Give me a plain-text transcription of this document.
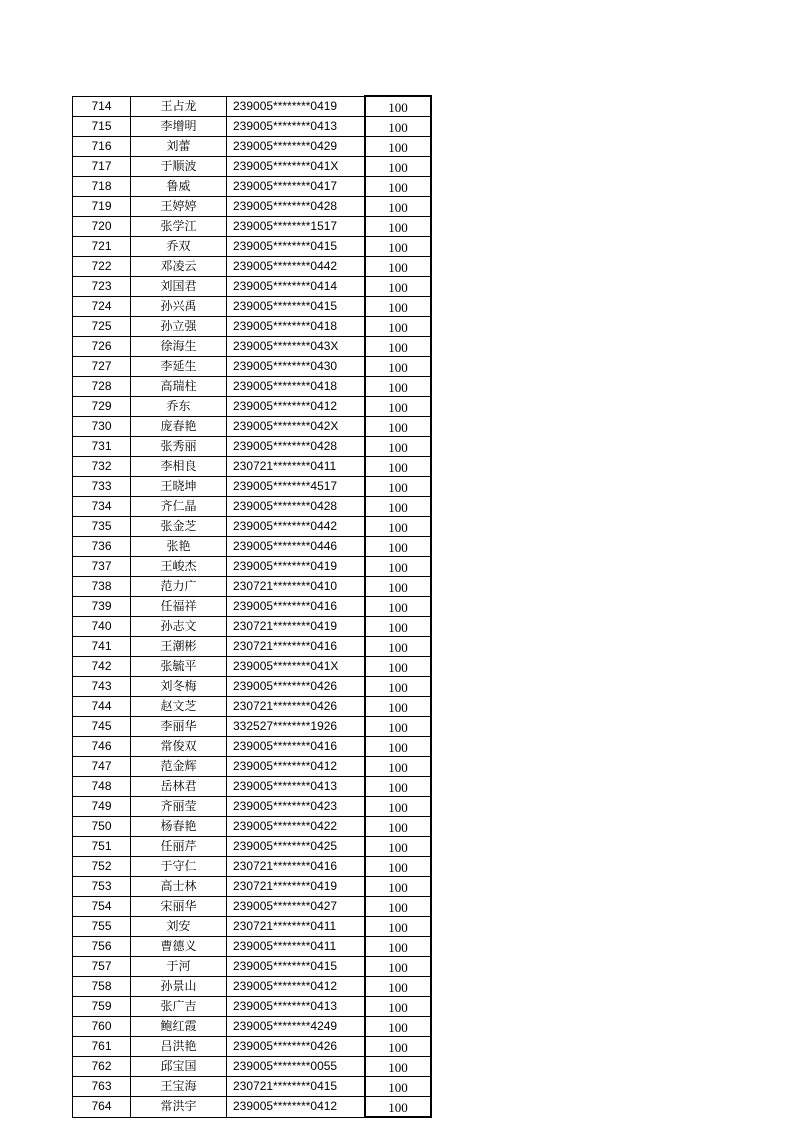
714	王占龙	239005********0419	100
715	李增明	239005********0413	100
716	刘蕾	239005********0429	100
717	于顺波	239005********041X	100
718	鲁威	239005********0417	100
719	王婷婷	239005********0428	100
720	张学江	239005********1517	100
721	乔双	239005********0415	100
722	邓凌云	239005********0442	100
723	刘国君	239005********0414	100
724	孙兴禹	239005********0415	100
725	孙立强	239005********0418	100
726	徐海生	239005********043X	100
727	李延生	239005********0430	100
728	高瑞柱	239005********0418	100
729	乔东	239005********0412	100
730	庞春艳	239005********042X	100
731	张秀丽	239005********0428	100
732	李相良	230721********0411	100
733	王晓坤	239005********4517	100
734	齐仁晶	239005********0428	100
735	张金芝	239005********0442	100
736	张艳	239005********0446	100
737	王峻杰	239005********0419	100
738	范力广	230721********0410	100
739	任福祥	239005********0416	100
740	孙志文	230721********0419	100
741	王潮彬	230721********0416	100
742	张毓平	239005********041X	100
743	刘冬梅	239005********0426	100
744	赵文芝	230721********0426	100
745	李丽华	332527********1926	100
746	常俊双	239005********0416	100
747	范金辉	239005********0412	100
748	岳林君	239005********0413	100
749	齐丽莹	239005********0423	100
750	杨春艳	239005********0422	100
751	任丽芹	239005********0425	100
752	于守仁	230721********0416	100
753	高士林	230721********0419	100
754	宋丽华	239005********0427	100
755	刘安	230721********0411	100
756	曹德义	239005********0411	100
757	于河	239005********0415	100
758	孙景山	239005********0412	100
759	张广吉	239005********0413	100
760	鲍红霞	239005********4249	100
761	吕洪艳	239005********0426	100
762	邱宝国	239005********0055	100
763	王宝海	230721********0415	100
764	常洪宇	239005********0412	100
